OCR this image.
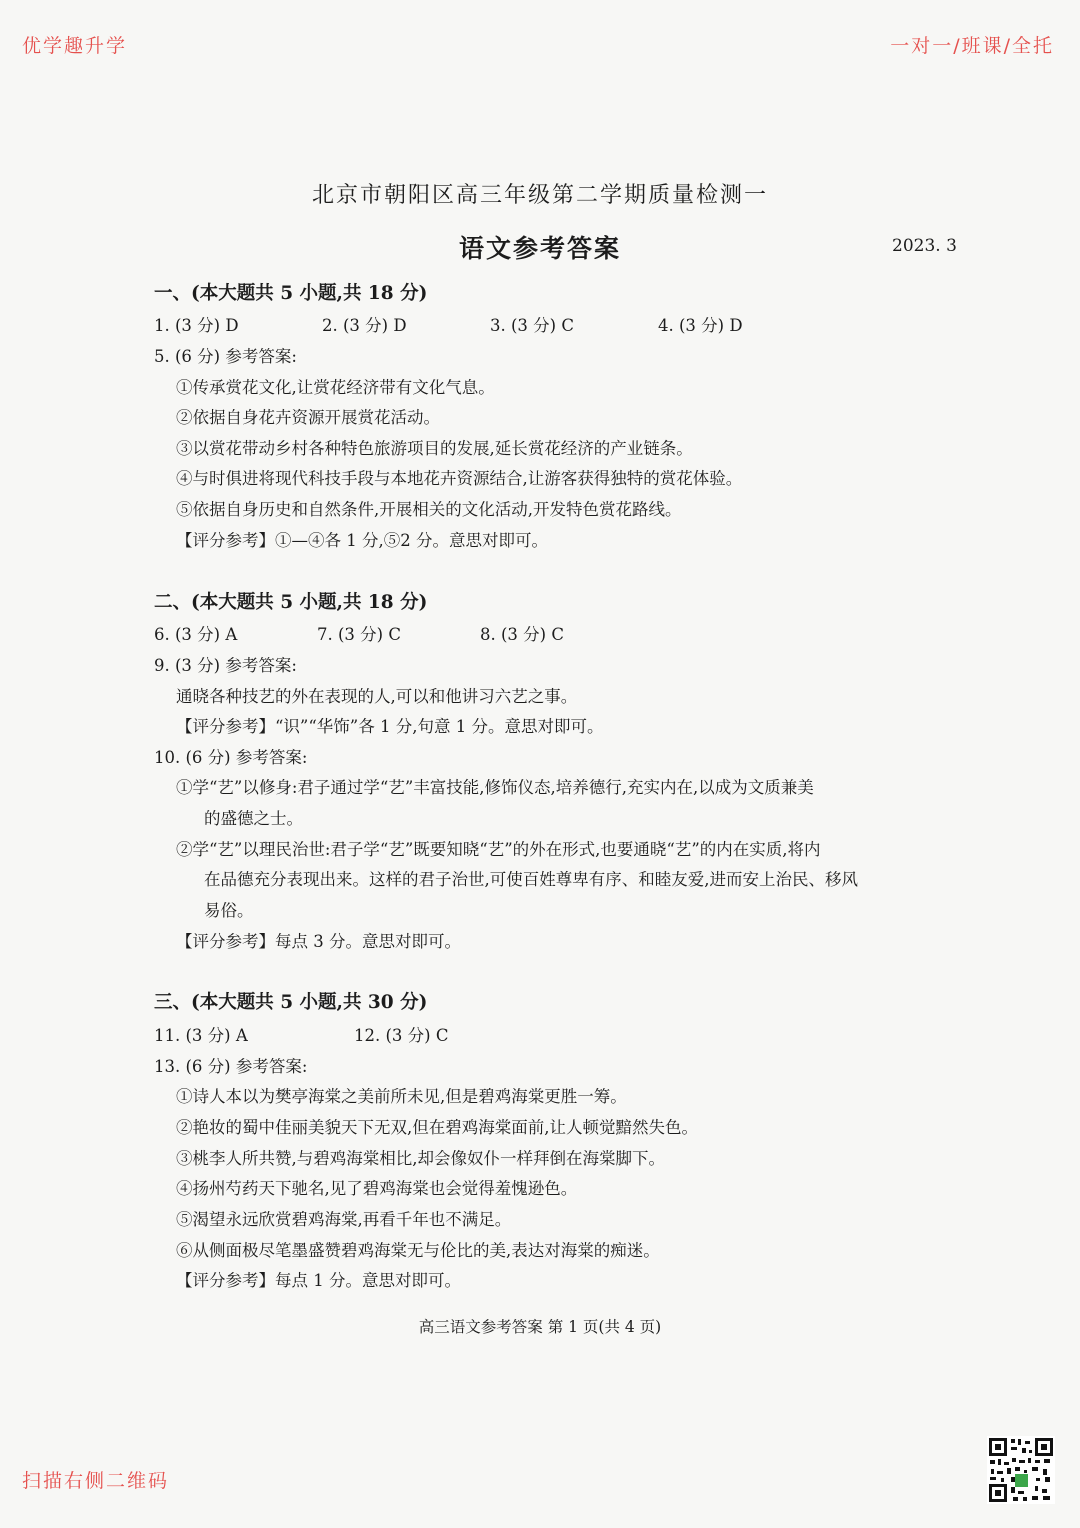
优学趣升学	一对一/班课/全托
北京市朝阳区高三年级第二学期质量检测一
语文参考答案	2023. 3
一、(本大题共 5 小题,共 18 分)
1. (3 分) D	2. (3 分) D	3. (3 分) C	4. (3 分) D
5. (6 分) 参考答案:
①传承赏花文化,让赏花经济带有文化气息。
②依据自身花卉资源开展赏花活动。
③以赏花带动乡村各种特色旅游项目的发展,延长赏花经济的产业链条。
④与时俱进将现代科技手段与本地花卉资源结合,让游客获得独特的赏花体验。
⑤依据自身历史和自然条件,开展相关的文化活动,开发特色赏花路线。
【评分参考】①—④各 1 分,⑤2 分。意思对即可。
二、(本大题共 5 小题,共 18 分)
6. (3 分) A	7. (3 分) C	8. (3 分) C
9. (3 分) 参考答案:
通晓各种技艺的外在表现的人,可以和他讲习六艺之事。
【评分参考】“识”“华饰”各 1 分,句意 1 分。意思对即可。
10. (6 分) 参考答案:
①学“艺”以修身:君子通过学“艺”丰富技能,修饰仪态,培养德行,充实内在,以成为文质兼美
的盛德之士。
②学“艺”以理民治世:君子学“艺”既要知晓“艺”的外在形式,也要通晓“艺”的内在实质,将内
在品德充分表现出来。这样的君子治世,可使百姓尊卑有序、和睦友爱,进而安上治民、移风
易俗。
【评分参考】每点 3 分。意思对即可。
三、(本大题共 5 小题,共 30 分)
11. (3 分) A	12. (3 分) C
13. (6 分) 参考答案:
①诗人本以为樊亭海棠之美前所未见,但是碧鸡海棠更胜一筹。
②艳妆的蜀中佳丽美貌天下无双,但在碧鸡海棠面前,让人顿觉黯然失色。
③桃李人所共赞,与碧鸡海棠相比,却会像奴仆一样拜倒在海棠脚下。
④扬州芍药天下驰名,见了碧鸡海棠也会觉得羞愧逊色。
⑤渴望永远欣赏碧鸡海棠,再看千年也不满足。
⑥从侧面极尽笔墨盛赞碧鸡海棠无与伦比的美,表达对海棠的痴迷。
【评分参考】每点 1 分。意思对即可。
高三语文参考答案 第 1 页(共 4 页)
扫描右侧二维码
